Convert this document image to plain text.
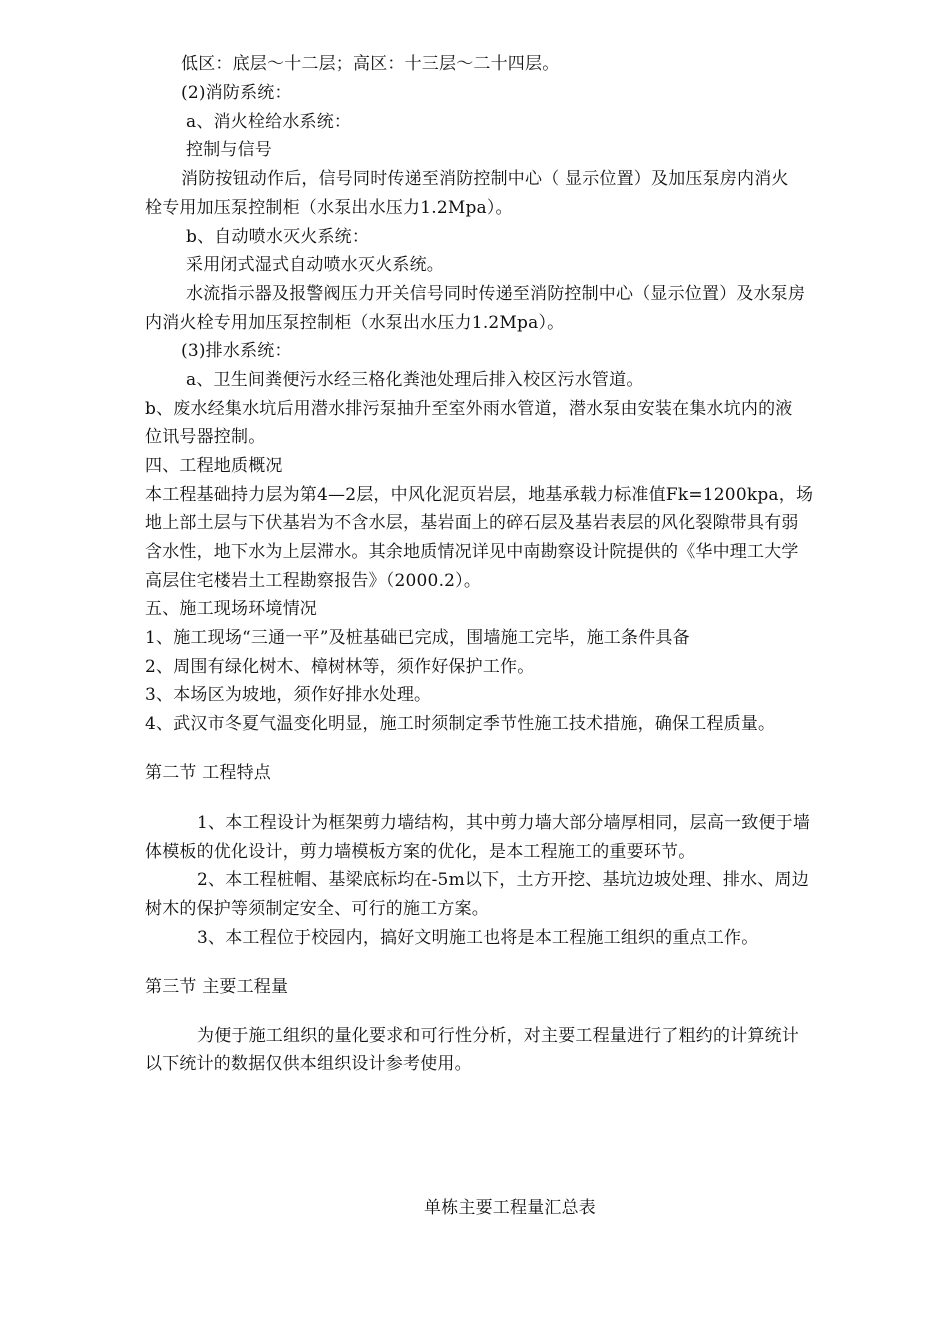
低区：底层～十二层；高区：十三层～二十四层。
(2)消防系统：
a、消火栓给水系统：
控制与信号
消防按钮动作后，信号同时传递至消防控制中心（ 显示位置）及加压泵房内消火
栓专用加压泵控制柜（水泵出水压力1.2Mpa）。
b、自动喷水灭火系统：
采用闭式湿式自动喷水灭火系统。
水流指示器及报警阀压力开关信号同时传递至消防控制中心（显示位置）及水泵房
内消火栓专用加压泵控制柜（水泵出水压力1.2Mpa）。
(3)排水系统：
a、卫生间粪便污水经三格化粪池处理后排入校区污水管道。
b、废水经集水坑后用潜水排污泵抽升至室外雨水管道，潜水泵由安装在集水坑内的液
位讯号器控制。
四、工程地质概况
本工程基础持力层为第4—2层，中风化泥页岩层，地基承载力标准值Fk=1200kpa，场
地上部土层与下伏基岩为不含水层，基岩面上的碎石层及基岩表层的风化裂隙带具有弱
含水性，地下水为上层滞水。其余地质情况详见中南勘察设计院提供的《华中理工大学
高层住宅楼岩土工程勘察报告》（2000.2）。
五、施工现场环境情况
1、施工现场“三通一平”及桩基础已完成，围墙施工完毕，施工条件具备
2、周围有绿化树木、樟树林等，须作好保护工作。
3、本场区为坡地，须作好排水处理。
4、武汉市冬夏气温变化明显，施工时须制定季节性施工技术措施，确保工程质量。
第二节 工程特点
1、本工程设计为框架剪力墙结构，其中剪力墙大部分墙厚相同，层高一致便于墙
体模板的优化设计，剪力墙模板方案的优化，是本工程施工的重要环节。
2、本工程桩帽、基梁底标均在-5m以下，土方开挖、基坑边坡处理、排水、周边
树木的保护等须制定安全、可行的施工方案。
3、本工程位于校园内，搞好文明施工也将是本工程施工组织的重点工作。
第三节 主要工程量
为便于施工组织的量化要求和可行性分析，对主要工程量进行了粗约的计算统计
以下统计的数据仅供本组织设计参考使用。
单栋主要工程量汇总表
